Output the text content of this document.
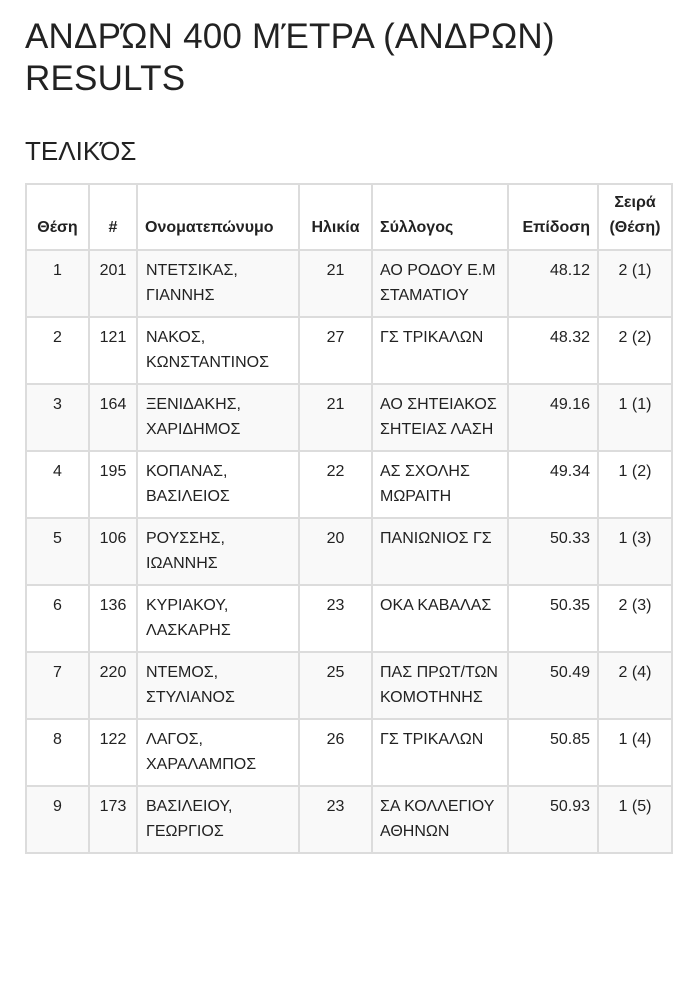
ΑΝΔΡΏΝ 400 ΜΈΤΡΑ (ΑΝΔΡΩΝ) RESULTS
ΤΕΛΙΚΌΣ
Θέση	#	Ονοματεπώνυμο	Ηλικία	Σύλλογος	Επίδοση	Σειρά
(Θέση)
1	201	ΝΤΕΤΣΙΚΑΣ, ΓΙΑΝΝΗΣ	21	ΑΟ ΡΟΔΟΥ Ε.Μ ΣΤΑΜΑΤΙΟΥ	48.12	2 (1)
2	121	ΝΑΚΟΣ, ΚΩΝΣΤΑΝΤΙΝΟΣ	27	ΓΣ ΤΡΙΚΑΛΩΝ	48.32	2 (2)
3	164	ΞΕΝΙΔΑΚΗΣ, ΧΑΡΙΔΗΜΟΣ	21	ΑΟ ΣΗΤΕΙΑΚΟΣ ΣΗΤΕΙΑΣ ΛΑΣΗ	49.16	1 (1)
4	195	ΚΟΠΑΝΑΣ, ΒΑΣΙΛΕΙΟΣ	22	ΑΣ ΣΧΟΛΗΣ ΜΩΡΑΙΤΗ	49.34	1 (2)
5	106	ΡΟΥΣΣΗΣ, ΙΩΑΝΝΗΣ	20	ΠΑΝΙΩΝΙΟΣ ΓΣ	50.33	1 (3)
6	136	ΚΥΡΙΑΚΟΥ, ΛΑΣΚΑΡΗΣ	23	ΟΚΑ ΚΑΒΑΛΑΣ	50.35	2 (3)
7	220	ΝΤΕΜΟΣ, ΣΤΥΛΙΑΝΟΣ	25	ΠΑΣ ΠΡΩΤ/ΤΩΝ ΚΟΜΟΤΗΝΗΣ	50.49	2 (4)
8	122	ΛΑΓΟΣ, ΧΑΡΑΛΑΜΠΟΣ	26	ΓΣ ΤΡΙΚΑΛΩΝ	50.85	1 (4)
9	173	ΒΑΣΙΛΕΙΟΥ, ΓΕΩΡΓΙΟΣ	23	ΣΑ ΚΟΛΛΕΓΙΟΥ ΑΘΗΝΩΝ	50.93	1 (5)
